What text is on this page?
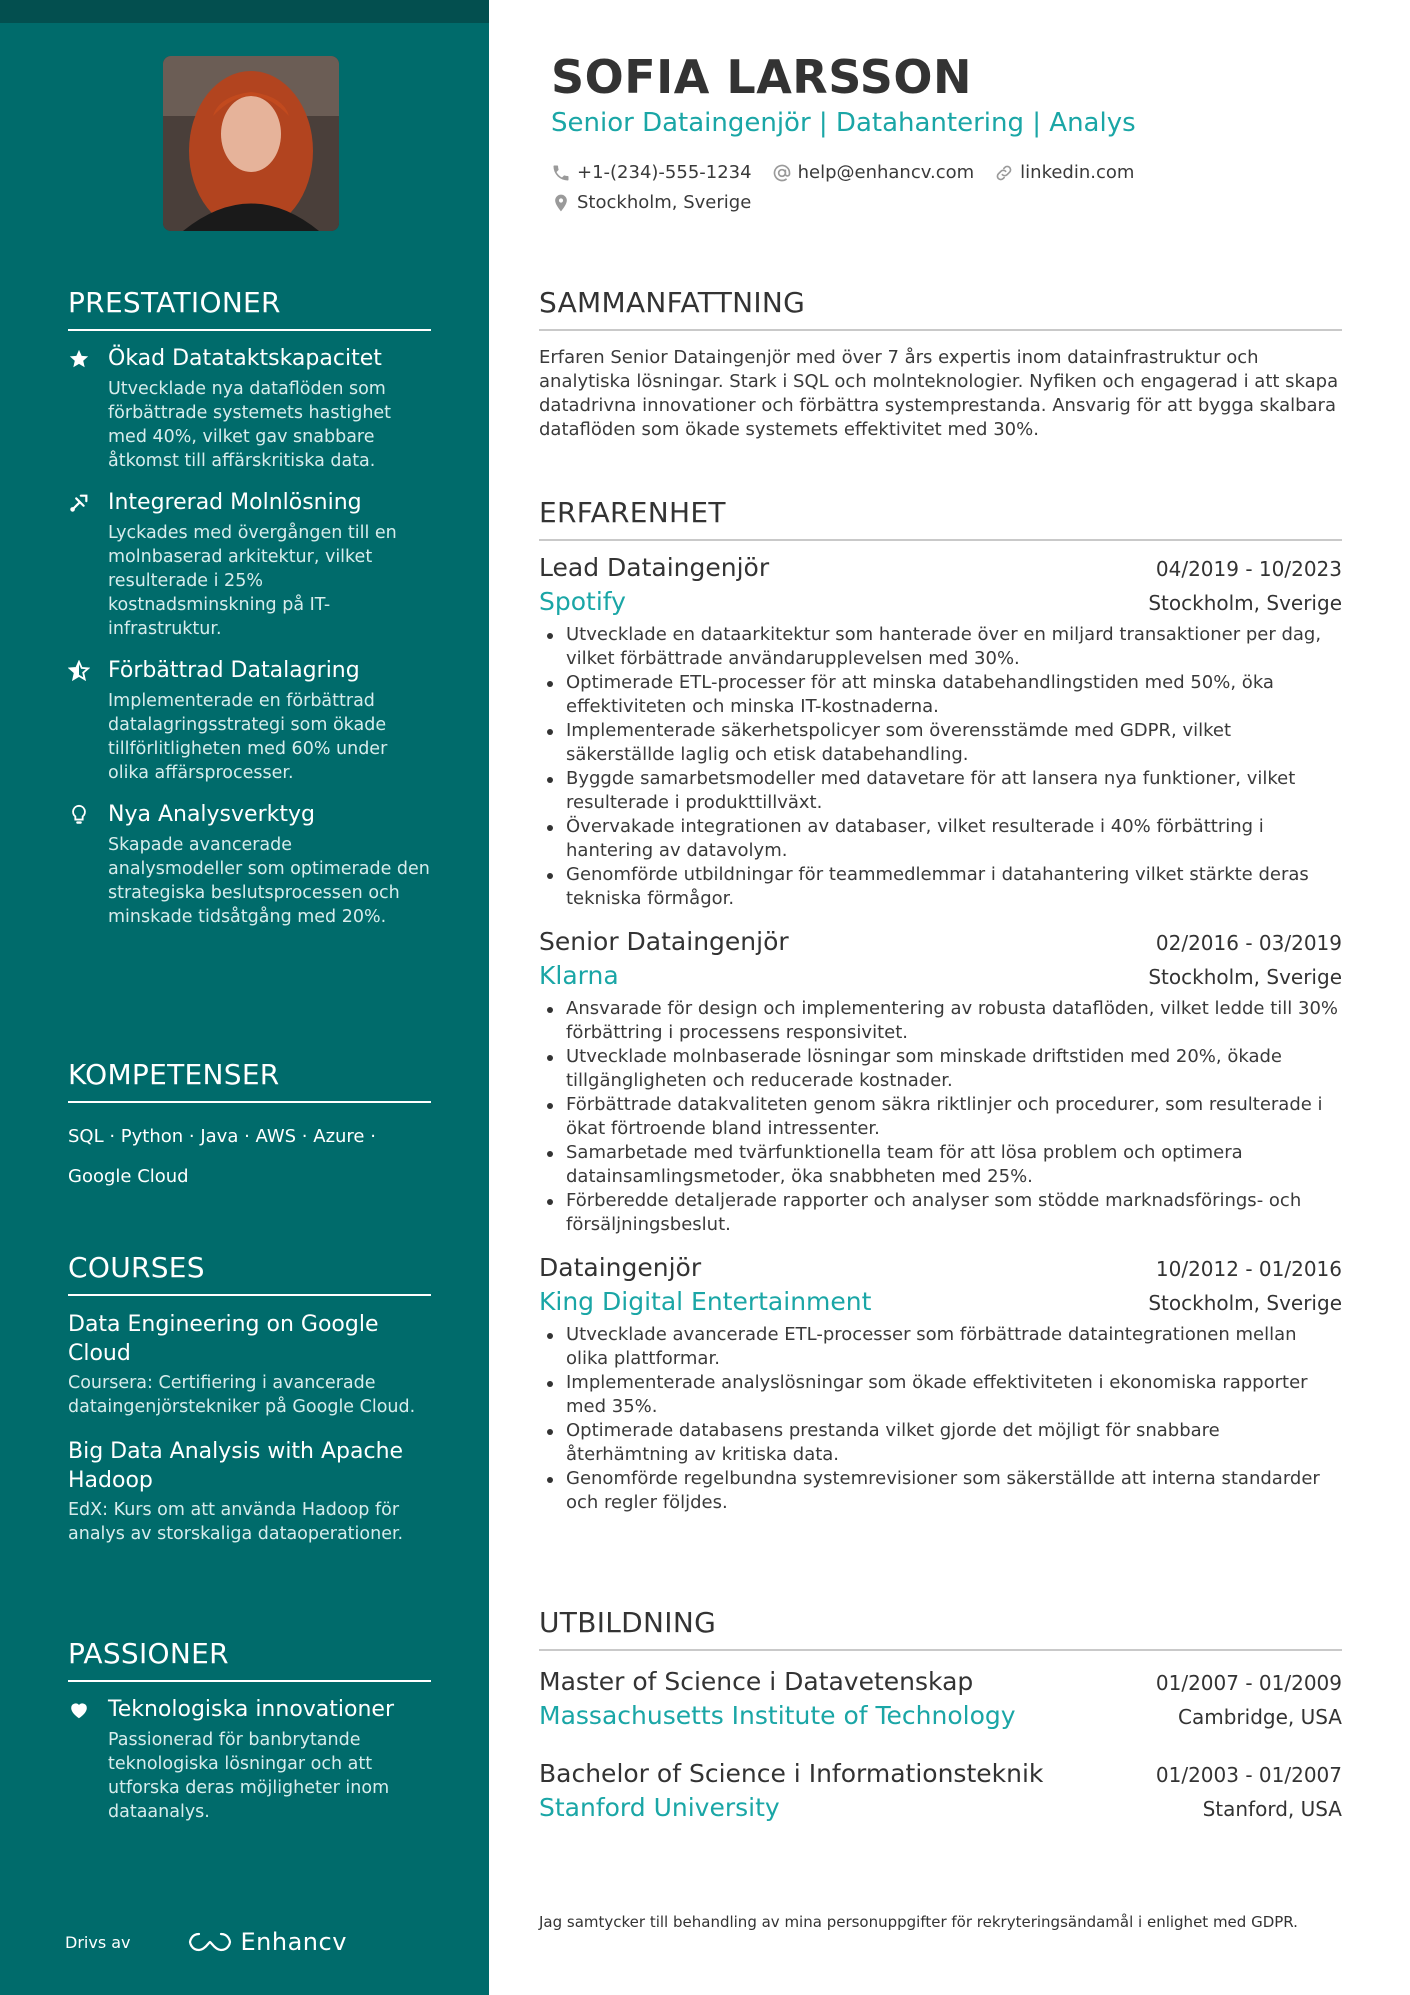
PRESTATIONER
Ökad Datataktskapacitet
Utvecklade nya dataflöden som förbättrade systemets hastighet med 40%, vilket gav snabbare åtkomst till affärskritiska data.
Integrerad Molnlösning
Lyckades med övergången till en molnbaserad arkitektur, vilket resulterade i 25% kostnadsminskning på IT-infrastruktur.
Förbättrad Datalagring
Implementerade en förbättrad datalagringsstrategi som ökade tillförlitligheten med 60% under olika affärsprocesser.
Nya Analysverktyg
Skapade avancerade analysmodeller som optimerade den strategiska beslutsprocessen och minskade tidsåtgång med 20%.
KOMPETENSER
SQL · Python · Java · AWS · Azure ·
Google Cloud
COURSES
Data Engineering on Google Cloud
Coursera: Certifiering i avancerade dataingenjörstekniker på Google Cloud.
Big Data Analysis with Apache Hadoop
EdX: Kurs om att använda Hadoop för analys av storskaliga dataoperationer.
PASSIONER
Teknologiska innovationer
Passionerad för banbrytande teknologiska lösningar och att utforska deras möjligheter inom dataanalys.
Drivs av	Enhancv
SOFIA LARSSON
Senior Dataingenjör | Datahantering | Analys
+1-(234)-555-1234	help@enhancv.com	linkedin.com
Stockholm, Sverige
SAMMANFATTNING
Erfaren Senior Dataingenjör med över 7 års expertis inom datainfrastruktur och analytiska lösningar. Stark i SQL och molnteknologier. Nyfiken och engagerad i att skapa datadrivna innovationer och förbättra systemprestanda. Ansvarig för att bygga skalbara dataflöden som ökade systemets effektivitet med 30%.
ERFARENHET
Lead Dataingenjör	04/2019 - 10/2023
Spotify	Stockholm, Sverige
Utvecklade en dataarkitektur som hanterade över en miljard transaktioner per dag, vilket förbättrade användarupplevelsen med 30%.
Optimerade ETL-processer för att minska databehandlingstiden med 50%, öka effektiviteten och minska IT-kostnaderna.
Implementerade säkerhetspolicyer som överensstämde med GDPR, vilket säkerställde laglig och etisk databehandling.
Byggde samarbetsmodeller med datavetare för att lansera nya funktioner, vilket resulterade i produkttillväxt.
Övervakade integrationen av databaser, vilket resulterade i 40% förbättring i hantering av datavolym.
Genomförde utbildningar för teammedlemmar i datahantering vilket stärkte deras tekniska förmågor.
Senior Dataingenjör	02/2016 - 03/2019
Klarna	Stockholm, Sverige
Ansvarade för design och implementering av robusta dataflöden, vilket ledde till 30% förbättring i processens responsivitet.
Utvecklade molnbaserade lösningar som minskade driftstiden med 20%, ökade tillgängligheten och reducerade kostnader.
Förbättrade datakvaliteten genom säkra riktlinjer och procedurer, som resulterade i ökat förtroende bland intressenter.
Samarbetade med tvärfunktionella team för att lösa problem och optimera datainsamlingsmetoder, öka snabbheten med 25%.
Förberedde detaljerade rapporter och analyser som stödde marknadsförings- och försäljningsbeslut.
Dataingenjör	10/2012 - 01/2016
King Digital Entertainment	Stockholm, Sverige
Utvecklade avancerade ETL-processer som förbättrade dataintegrationen mellan olika plattformar.
Implementerade analyslösningar som ökade effektiviteten i ekonomiska rapporter med 35%.
Optimerade databasens prestanda vilket gjorde det möjligt för snabbare återhämtning av kritiska data.
Genomförde regelbundna systemrevisioner som säkerställde att interna standarder och regler följdes.
UTBILDNING
Master of Science i Datavetenskap	01/2007 - 01/2009
Massachusetts Institute of Technology	Cambridge, USA
Bachelor of Science i Informationsteknik	01/2003 - 01/2007
Stanford University	Stanford, USA
Jag samtycker till behandling av mina personuppgifter för rekryteringsändamål i enlighet med GDPR.
